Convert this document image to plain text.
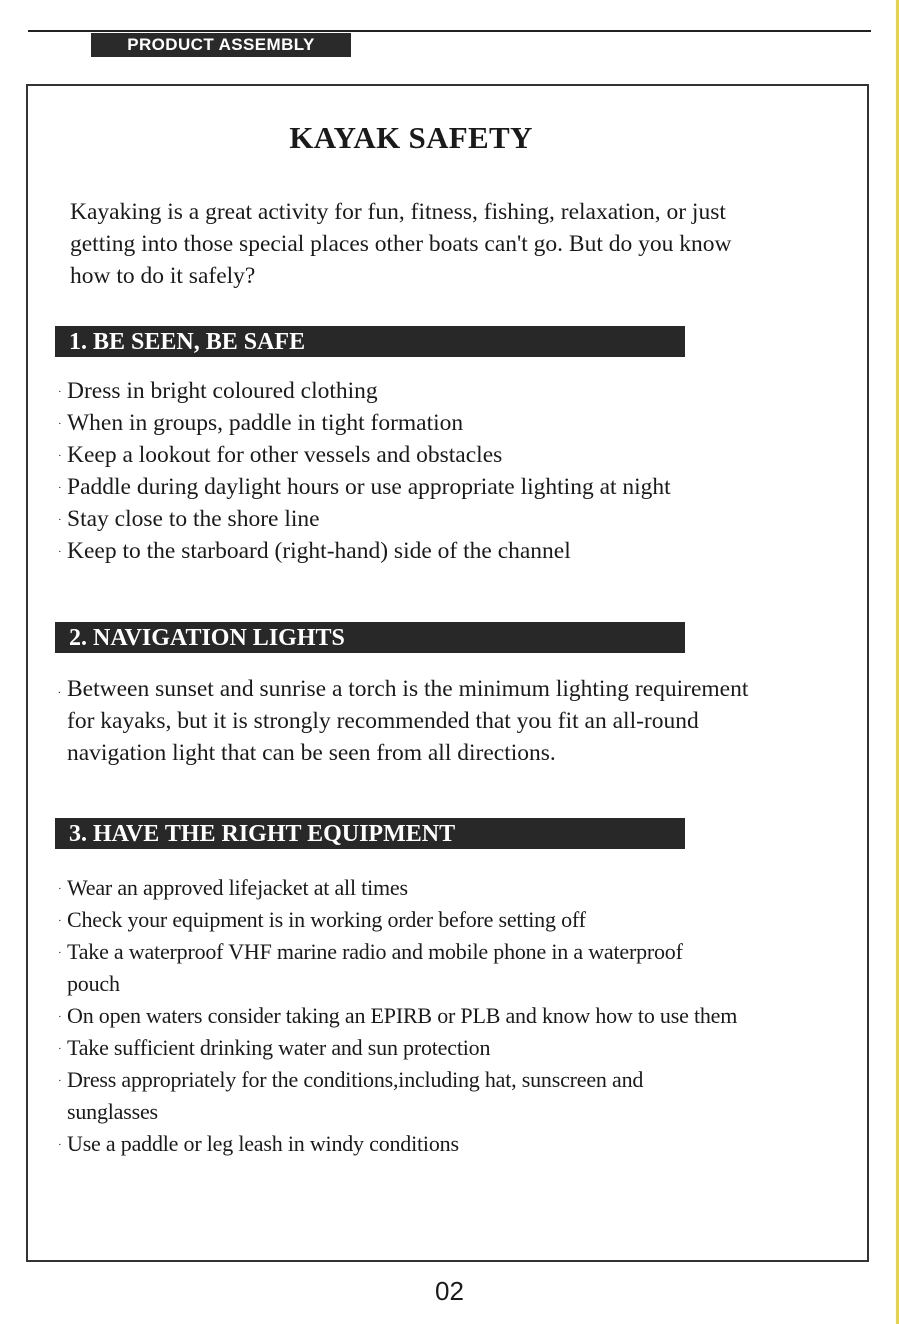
PRODUCT ASSEMBLY
KAYAK SAFETY
Kayaking is a great activity for fun, fitness, fishing, relaxation, or just
getting into those special places other boats can't go. But do you know
how to do it safely?
1. BE SEEN, BE SAFE
· Dress in bright coloured clothing
· When in groups, paddle in tight formation
· Keep a lookout for other vessels and obstacles
· Paddle during daylight hours or use appropriate lighting at night
· Stay close to the shore line
· Keep to the starboard (right-hand) side of the channel
2. NAVIGATION LIGHTS
. Between sunset and sunrise a torch is the minimum lighting requirement
for kayaks, but it is strongly recommended that you fit an all-round
navigation light that can be seen from all directions.
3. HAVE THE RIGHT EQUIPMENT
· Wear an approved lifejacket at all times
· Check your equipment is in working order before setting off
· Take a waterproof VHF marine radio and mobile phone in a waterproof
pouch
· On open waters consider taking an EPIRB or PLB and know how to use them
· Take sufficient drinking water and sun protection
· Dress appropriately for the conditions,including hat, sunscreen and
sunglasses
· Use a paddle or leg leash in windy conditions
02
